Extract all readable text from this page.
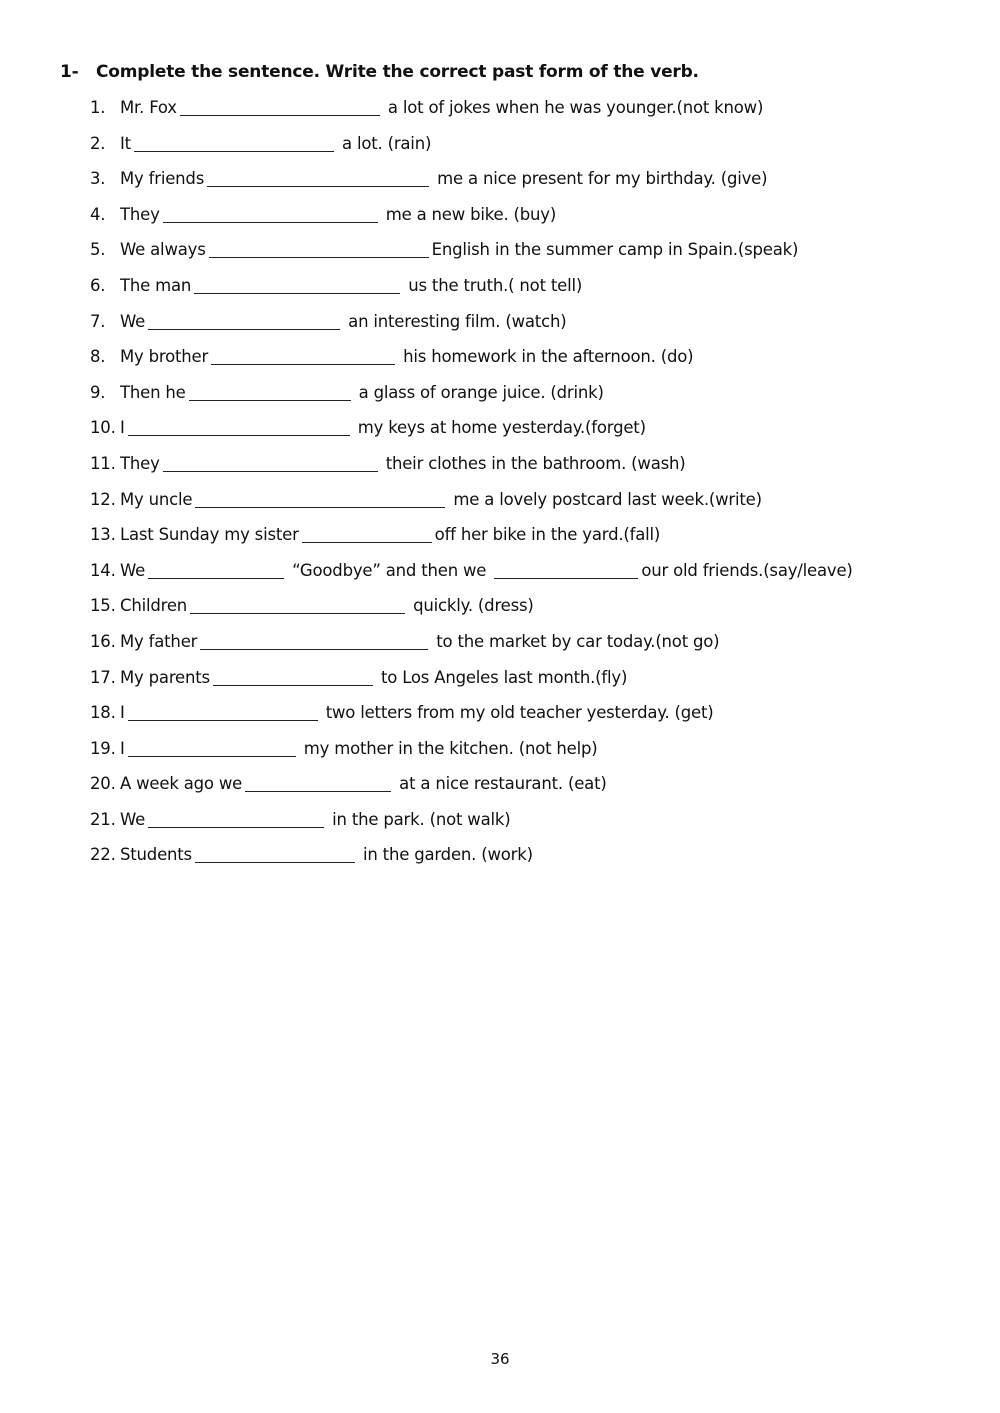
1- Complete the sentence. Write the correct past form of the verb.
1. Mr. Fox	a lot of jokes when he was younger.(not know)
2. It	a lot. (rain)
3. My friends	me a nice present for my birthday. (give)
4. They	me a new bike. (buy)
5. We always	English in the summer camp in Spain.(speak)
6. The man	us the truth.( not tell)
7. We	an interesting film. (watch)
8. My brother	his homework in the afternoon. (do)
9. Then he	a glass of orange juice. (drink)
10. I	my keys at home yesterday.(forget)
11. They	their clothes in the bathroom. (wash)
12. My uncle	me a lovely postcard last week.(write)
13. Last Sunday my sister	off her bike in the yard.(fall)
14. We	“Goodbye” and then we	our old friends.(say/leave)
15. Children	quickly. (dress)
16. My father	to the market by car today.(not go)
17. My parents	to Los Angeles last month.(fly)
18. I	two letters from my old teacher yesterday. (get)
19. I	my mother in the kitchen. (not help)
20. A week ago we	at a nice restaurant. (eat)
21. We	in the park. (not walk)
22. Students	in the garden. (work)
36
